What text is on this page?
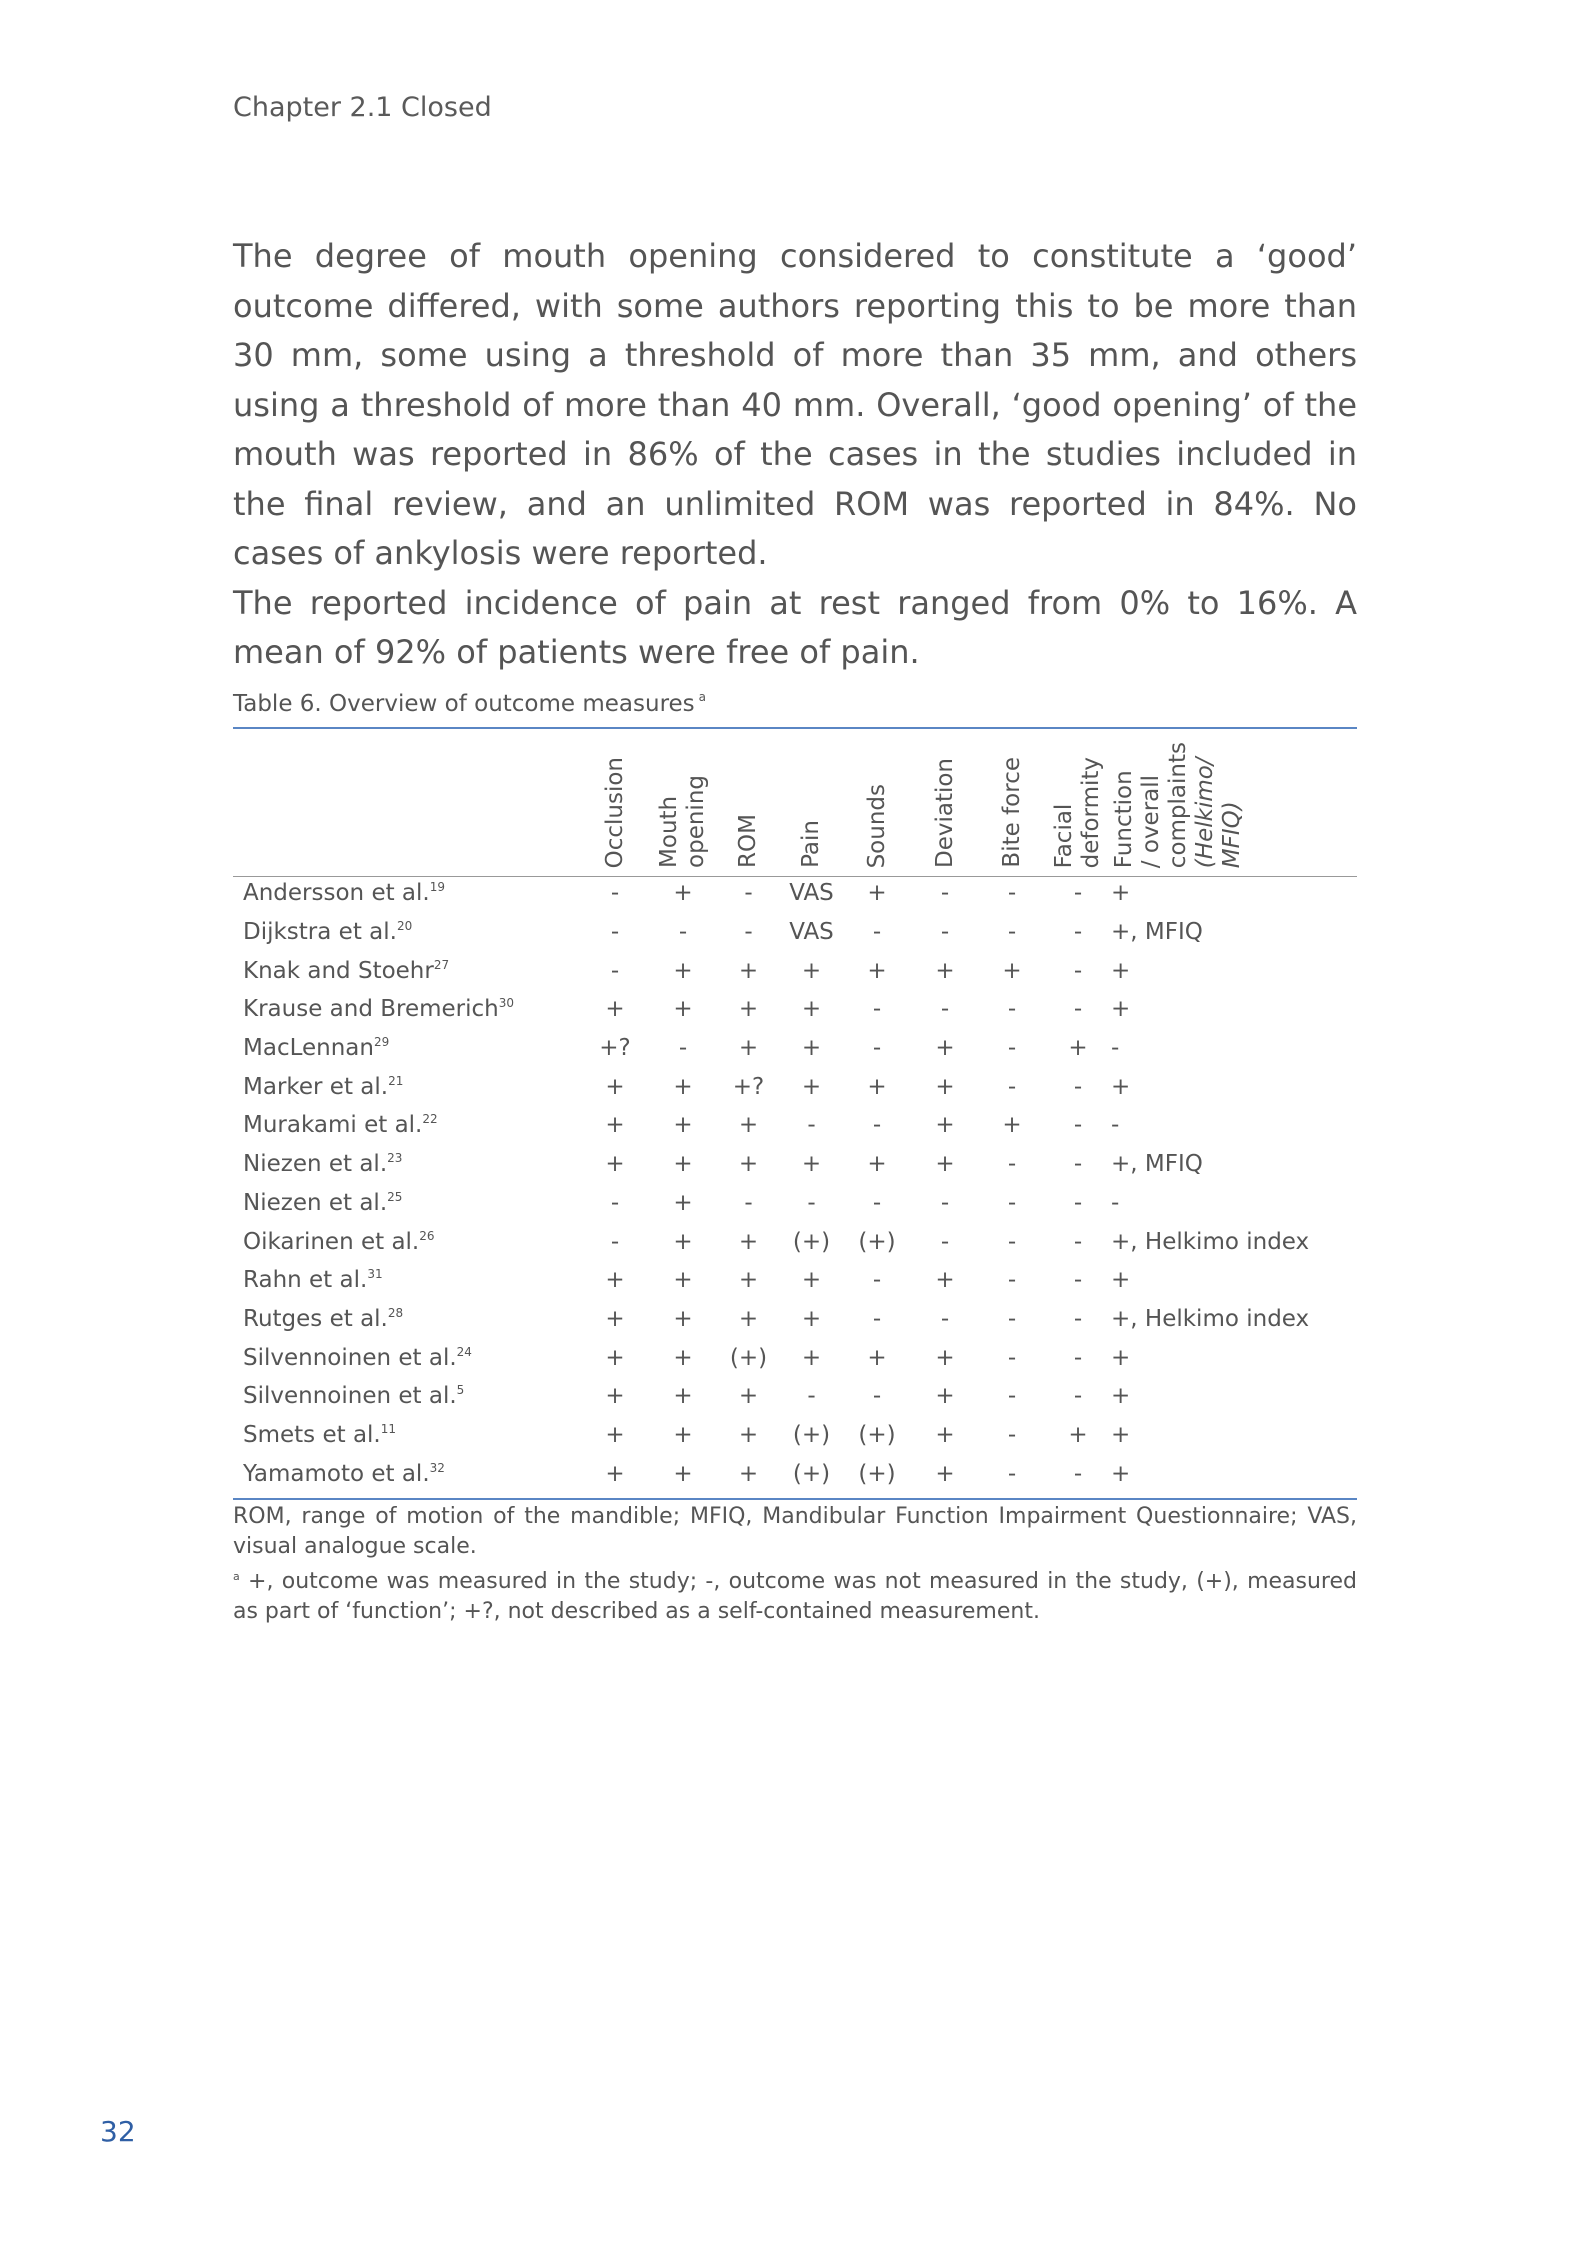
Chapter 2.1 Closed

The degree of mouth opening considered to constitute a ‘good’ outcome differed, with some authors reporting this to be more than 30 mm, some using a threshold of more than 35 mm, and others using a threshold of more than 40 mm. Overall, ‘good opening’ of the mouth was reported in 86% of the cases in the studies included in the final review, and an unlimited ROM was reported in 84%. No cases of ankylosis were reported.

The reported incidence of pain at rest ranged from 0% to 16%. A mean of 92% of patients were free of pain.

Table 6. Overview of outcome measures $^a$

	Occlusion	Mouth opening	ROM	Pain	Sounds	Deviation	Bite force	Facial deformity	Function / overall complaints (Helkimo/ MFIQ)

Andersson et al.$^{19}$	-	+	-	VAS	+	-	-	-	+
Dijkstra et al.$^{20}$	-	-	-	VAS	-	-	-	-	+, MFIQ
Knak and Stoehr$^{27}$	-	+	+	+	+	+	+	-	+
Krause and Bremerich$^{30}$	+	+	+	+	-	-	-	-	+
MacLennan$^{29}$	+?	-	+	+	-	+	-	+	-
Marker et al.$^{21}$	+	+	+?	+	+	+	-	-	+
Murakami et al.$^{22}$	+	+	+	-	-	+	+	-	-
Niezen et al.$^{23}$	+	+	+	+	+	+	-	-	+, MFIQ
Niezen et al.$^{25}$	-	+	-	-	-	-	-	-	-
Oikarinen et al.$^{26}$	-	+	+	(+)	(+)	-	-	-	+, Helkimo index
Rahn et al.$^{31}$	+	+	+	+	-	+	-	-	+
Rutges et al.$^{28}$	+	+	+	+	-	-	-	-	+, Helkimo index
Silvennoinen et al.$^{24}$	+	+	(+)	+	+	+	-	-	+
Silvennoinen et al.$^5$	+	+	+	-	-	+	-	-	+
Smets et al.$^{11}$	+	+	+	(+)	(+)	+	-	+	+
Yamamoto et al.$^{32}$	+	+	+	(+)	(+)	+	-	-	+

ROM, range of motion of the mandible; MFIQ, Mandibular Function Impairment Questionnaire; VAS, visual analogue scale.

$^a$ +, outcome was measured in the study; -, outcome was not measured in the study, (+), measured as part of ‘function’; +?, not described as a self-contained measurement.

32
